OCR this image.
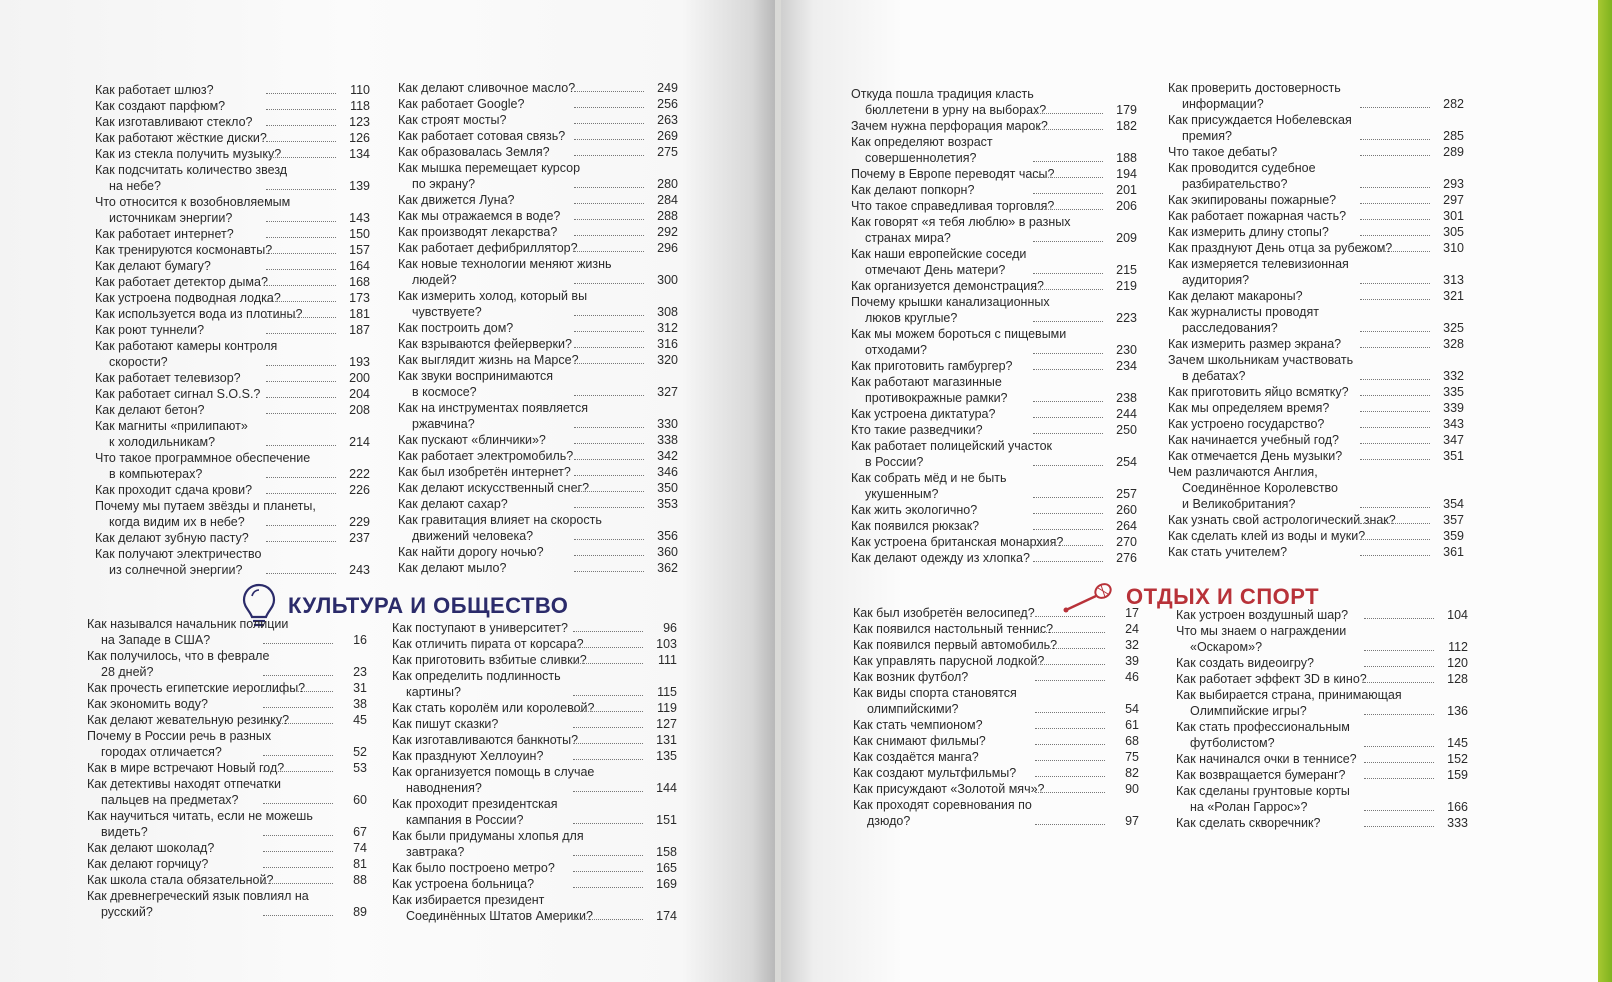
Как работает шлюз?	110
Как создают парфюм?	118
Как изготавливают стекло?	123
Как работают жёсткие диски?	126
Как из стекла получить музыку?	134
Как подсчитать количество звезд
на небе?	139
Что относится к возобновляемым
источникам энергии?	143
Как работает интернет?	150
Как тренируются космонавты?	157
Как делают бумагу?	164
Как работает детектор дыма?	168
Как устроена подводная лодка?	173
Как используется вода из плотины?	181
Как роют туннели?	187
Как работают камеры контроля
скорости?	193
Как работает телевизор?	200
Как работает сигнал S.O.S.?	204
Как делают бетон?	208
Как магниты «прилипают»
к холодильникам?	214
Что такое программное обеспечение
в компьютерах?	222
Как проходит сдача крови?	226
Почему мы путаем звёзды и планеты,
когда видим их в небе?	229
Как делают зубную пасту?	237
Как получают электричество
из солнечной энергии?	243
Как делают сливочное масло?	249
Как работает Google?	256
Как строят мосты?	263
Как работает сотовая связь?	269
Как образовалась Земля?	275
Как мышка перемещает курсор
по экрану?	280
Как движется Луна?	284
Как мы отражаемся в воде?	288
Как производят лекарства?	292
Как работает дефибриллятор?	296
Как новые технологии меняют жизнь
людей?	300
Как измерить холод, который вы
чувствуете?	308
Как построить дом?	312
Как взрываются фейерверки?	316
Как выглядит жизнь на Марсе?	320
Как звуки воспринимаются
в космосе?	327
Как на инструментах появляется
ржавчина?	330
Как пускают «блинчики»?	338
Как работает электромобиль?	342
Как был изобретён интернет?	346
Как делают искусственный снег?	350
Как делают сахар?	353
Как гравитация влияет на скорость
движений человека?	356
Как найти дорогу ночью?	360
Как делают мыло?	362
КУЛЬТУРА И ОБЩЕСТВО
Как назывался начальник полиции
на Западе в США?	16
Как получилось, что в феврале
28 дней?	23
Как прочесть египетские иероглифы?	31
Как экономить воду?	38
Как делают жевательную резинку?	45
Почему в России речь в разных
городах отличается?	52
Как в мире встречают Новый год?	53
Как детективы находят отпечатки
пальцев на предметах?	60
Как научиться читать, если не можешь
видеть?	67
Как делают шоколад?	74
Как делают горчицу?	81
Как школа стала обязательной?	88
Как древнегреческий язык повлиял на
русский?	89
Как поступают в университет?	96
Как отличить пирата от корсара?	103
Как приготовить взбитые сливки?	111
Как определить подлинность
картины?	115
Как стать королём или королевой?	119
Как пишут сказки?	127
Как изготавливаются банкноты?	131
Как празднуют Хеллоуин?	135
Как организуется помощь в случае
наводнения?	144
Как проходит президентская
кампания в России?	151
Как были придуманы хлопья для
завтрака?	158
Как было построено метро?	165
Как устроена больница?	169
Как избирается президент
Соединённых Штатов Америки?	174
Откуда пошла традиция класть
бюллетени в урну на выборах?	179
Зачем нужна перфорация марок?	182
Как определяют возраст
совершеннолетия?	188
Почему в Европе переводят часы?	194
Как делают попкорн?	201
Что такое справедливая торговля?	206
Как говорят «я тебя люблю» в разных
странах мира?	209
Как наши европейские соседи
отмечают День матери?	215
Как организуется демонстрация?	219
Почему крышки канализационных
люков круглые?	223
Как мы можем бороться с пищевыми
отходами?	230
Как приготовить гамбургер?	234
Как работают магазинные
противокражные рамки?	238
Как устроена диктатура?	244
Кто такие разведчики?	250
Как работает полицейский участок
в России?	254
Как собрать мёд и не быть
укушенным?	257
Как жить экологично?	260
Как появился рюкзак?	264
Как устроена британская монархия?	270
Как делают одежду из хлопка?	276
Как проверить достоверность
информации?	282
Как присуждается Нобелевская
премия?	285
Что такое дебаты?	289
Как проводится судебное
разбирательство?	293
Как экипированы пожарные?	297
Как работает пожарная часть?	301
Как измерить длину стопы?	305
Как празднуют День отца за рубежом?	310
Как измеряется телевизионная
аудитория?	313
Как делают макароны?	321
Как журналисты проводят
расследования?	325
Как измерить размер экрана?	328
Зачем школьникам участвовать
в дебатах?	332
Как приготовить яйцо всмятку?	335
Как мы определяем время?	339
Как устроено государство?	343
Как начинается учебный год?	347
Как отмечается День музыки?	351
Чем различаются Англия,
Соединённое Королевство
и Великобритания?	354
Как узнать свой астрологический знак?	357
Как сделать клей из воды и муки?	359
Как стать учителем?	361
Как был изобретён велосипед?	17
Как появился настольный теннис?	24
Как появился первый автомобиль?	32
Как управлять парусной лодкой?	39
Как возник футбол?	46
Как виды спорта становятся
олимпийскими?	54
Как стать чемпионом?	61
Как снимают фильмы?	68
Как создаётся манга?	75
Как создают мультфильмы?	82
Как присуждают «Золотой мяч»?	90
Как проходят соревнования по
дзюдо?	97
Как устроен воздушный шар?	104
Что мы знаем о награждении
«Оскаром»?	112
Как создать видеоигру?	120
Как работает эффект 3D в кино?	128
Как выбирается страна, принимающая
Олимпийские игры?	136
Как стать профессиональным
футболистом?	145
Как начинался очки в теннисе?	152
Как возвращается бумеранг?	159
Как сделаны грунтовые корты
на «Ролан Гаррос»?	166
Как сделать скворечник?	333
ОТДЫХ И СПОРТ
